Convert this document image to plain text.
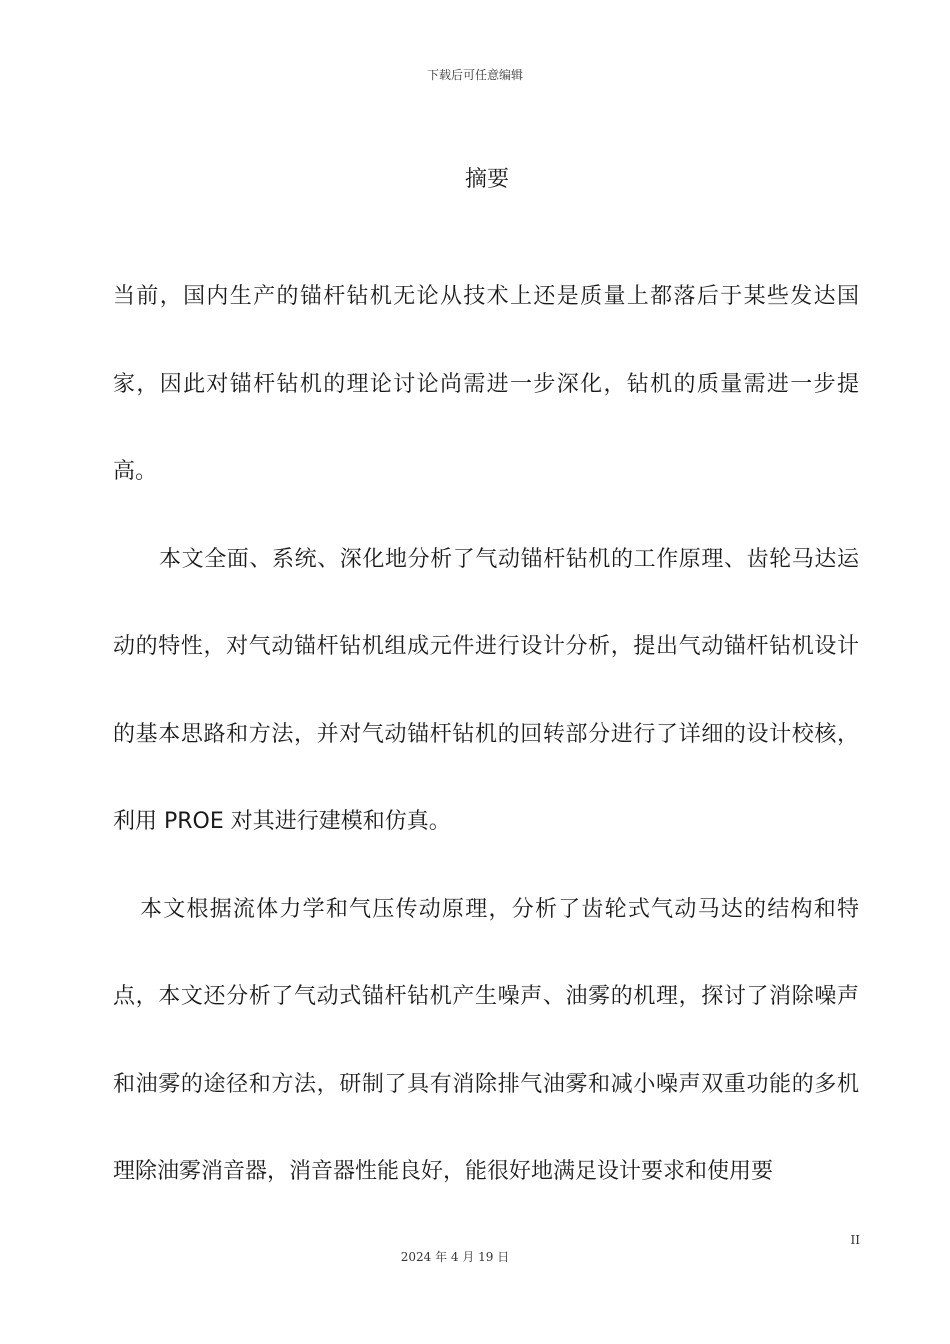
下载后可任意编辑
摘要

当前，国内生产的锚杆钻机无论从技术上还是质量上都落后于某些发达国家，因此对锚杆钻机的理论讨论尚需进一步深化，钻机的质量需进一步提高。

本文全面、系统、深化地分析了气动锚杆钻机的工作原理、齿轮马达运动的特性，对气动锚杆钻机组成元件进行设计分析，提出气动锚杆钻机设计的基本思路和方法，并对气动锚杆钻机的回转部分进行了详细的设计校核，利用 PROE 对其进行建模和仿真。

本文根据流体力学和气压传动原理，分析了齿轮式气动马达的结构和特点，本文还分析了气动式锚杆钻机产生噪声、油雾的机理，探讨了消除噪声和油雾的途径和方法，研制了具有消除排气油雾和减小噪声双重功能的多机理除油雾消音器，消音器性能良好，能很好地满足设计要求和使用要

II
2024 年 4 月 19 日
